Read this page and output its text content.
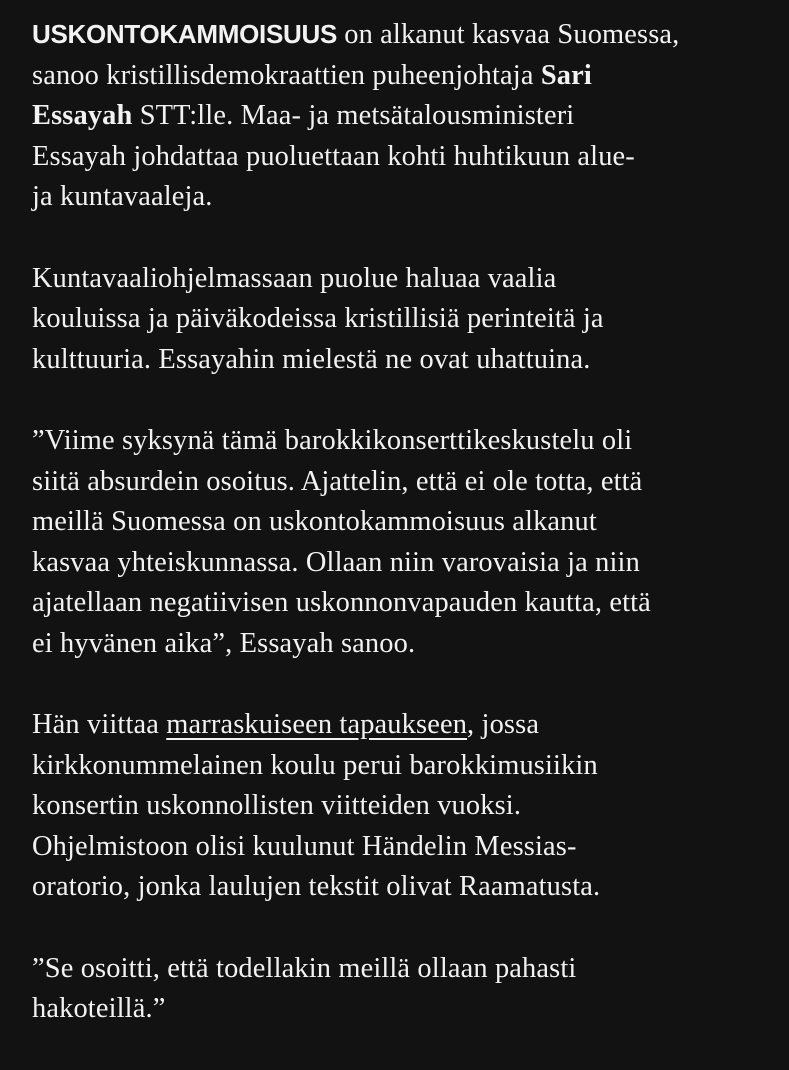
USKONTOKAMMOISUUS on alkanut kasvaa Suomessa,
sanoo kristillisdemokraattien puheenjohtaja Sari
Essayah STT:lle. Maa- ja metsätalousministeri
Essayah johdattaa puoluettaan kohti huhtikuun alue-
ja kuntavaaleja.

Kuntavaaliohjelmassaan puolue haluaa vaalia
kouluissa ja päiväkodeissa kristillisiä perinteitä ja
kulttuuria. Essayahin mielestä ne ovat uhattuina.

”Viime syksynä tämä barokkikonserttikeskustelu oli
siitä absurdein osoitus. Ajattelin, että ei ole totta, että
meillä Suomessa on uskontokammoisuus alkanut
kasvaa yhteiskunnassa. Ollaan niin varovaisia ja niin
ajatellaan negatiivisen uskonnonvapauden kautta, että
ei hyvänen aika”, Essayah sanoo.

Hän viittaa marraskuiseen tapaukseen, jossa
kirkkonummelainen koulu perui barokkimusiikin
konsertin uskonnollisten viitteiden vuoksi.
Ohjelmistoon olisi kuulunut Händelin Messias-
oratorio, jonka laulujen tekstit olivat Raamatusta.

”Se osoitti, että todellakin meillä ollaan pahasti
hakoteillä.”
